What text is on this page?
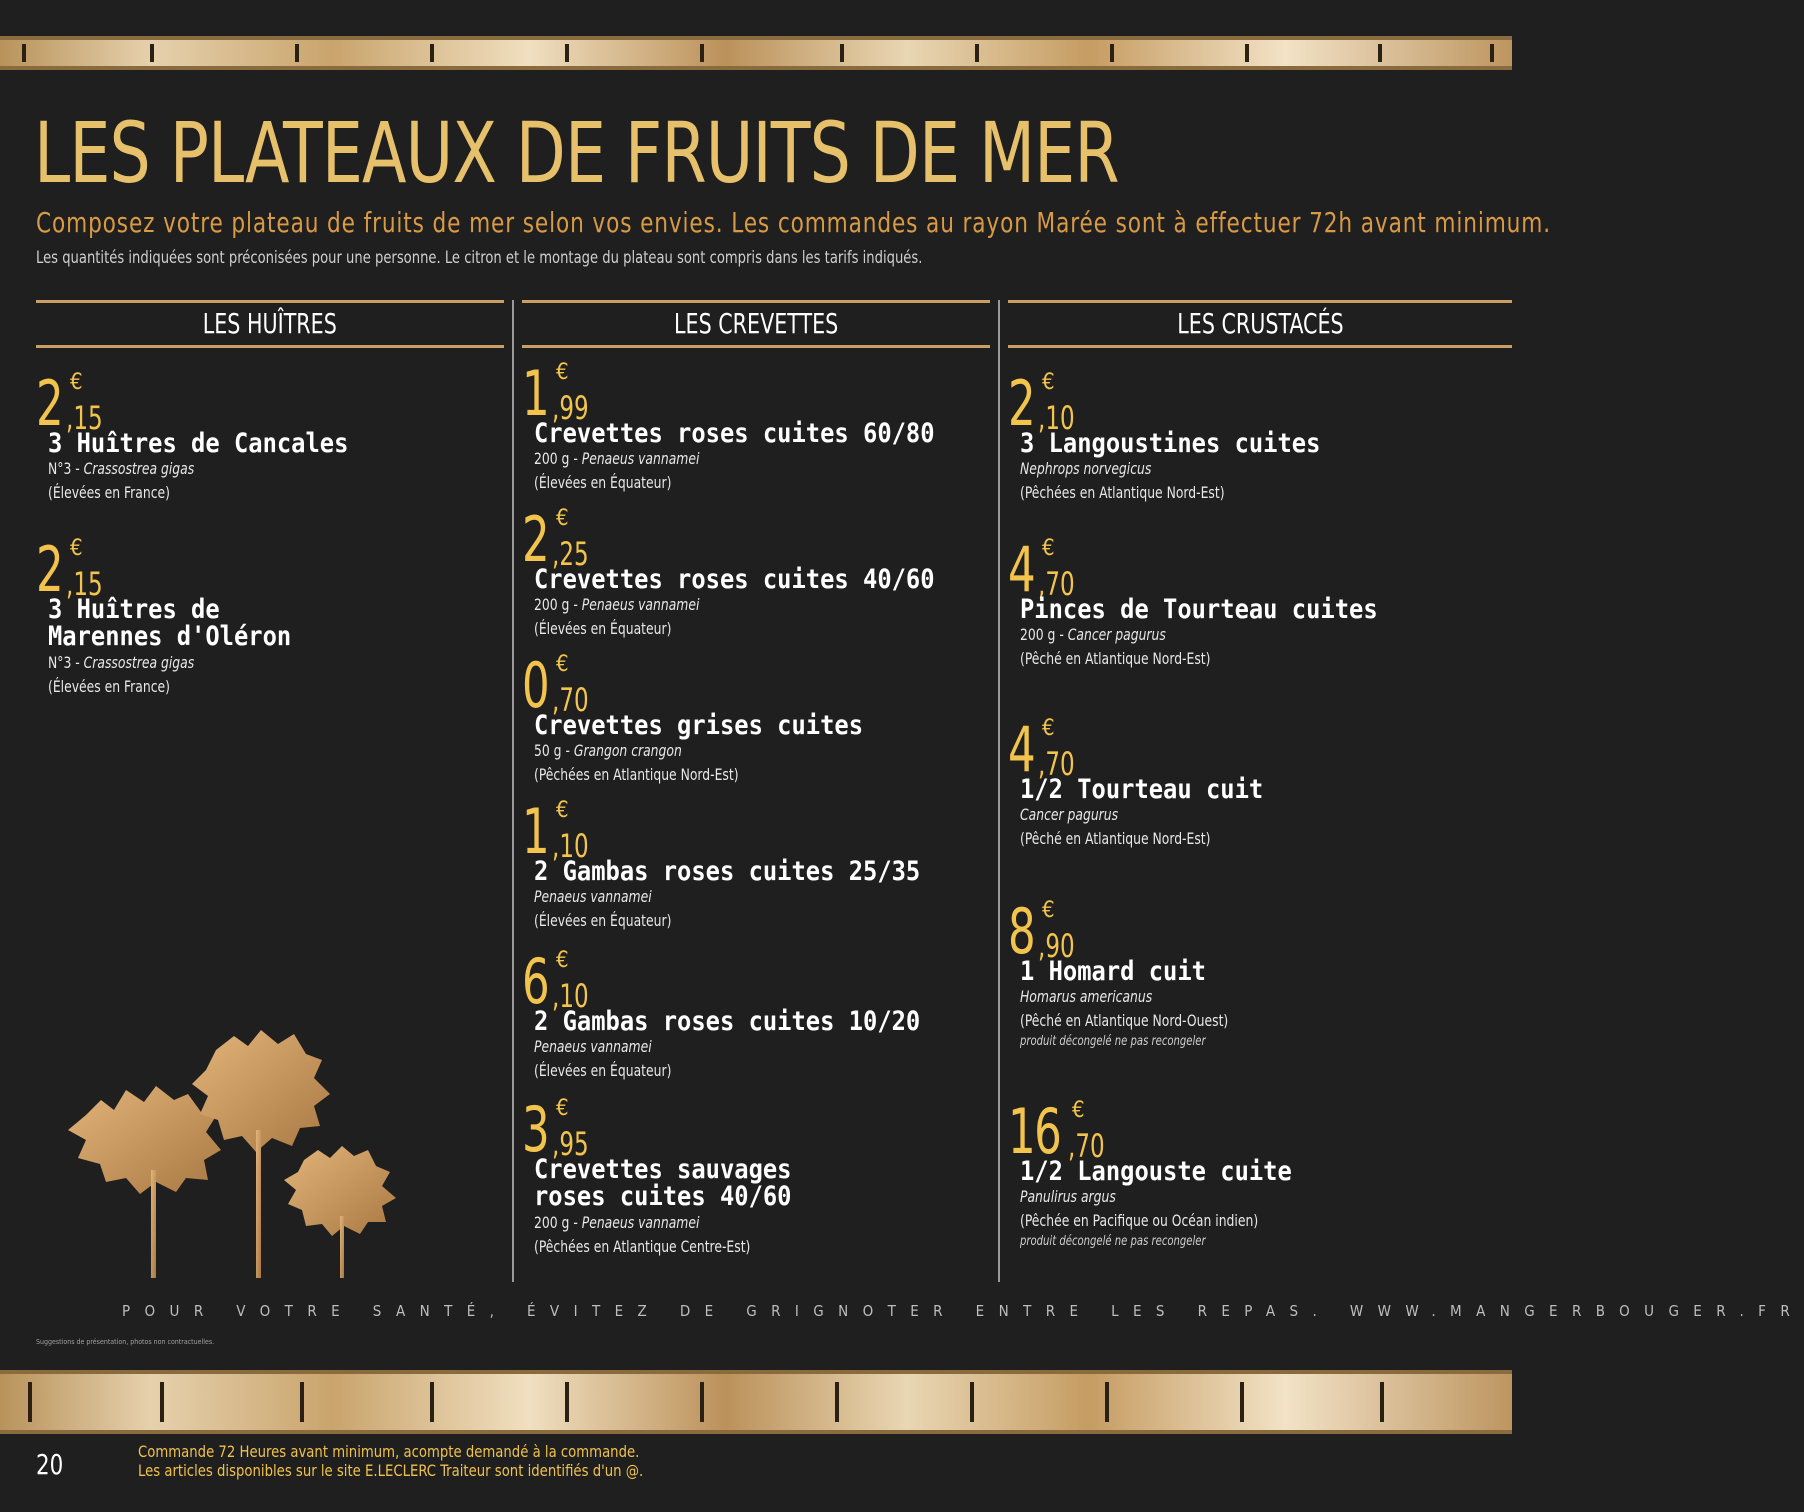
LES PLATEAUX DE FRUITS DE MER
Composez votre plateau de fruits de mer selon vos envies. Les commandes au rayon Marée sont à effectuer 72h avant minimum.
Les quantités indiquées sont préconisées pour une personne. Le citron et le montage du plateau sont compris dans les tarifs indiqués.
LES HUÎTRES	LES CREVETTES	LES CRUSTACÉS
2 €
,15
3 Huîtres de Cancales
N°3 - Crassostrea gigas
(Élevées en France)
2 €
,15
3 Huîtres de
Marennes d'Oléron
N°3 - Crassostrea gigas
(Élevées en France)
1 €
,99
Crevettes roses cuites 60/80
200 g - Penaeus vannamei
(Élevées en Équateur)
2 €
,25
Crevettes roses cuites 40/60
200 g - Penaeus vannamei
(Élevées en Équateur)
0 €
,70
Crevettes grises cuites
50 g - Grangon crangon
(Pêchées en Atlantique Nord-Est)
1 €
,10
2 Gambas roses cuites 25/35
Penaeus vannamei
(Élevées en Équateur)
6 €
,10
2 Gambas roses cuites 10/20
Penaeus vannamei
(Élevées en Équateur)
3 €
,95
Crevettes sauvages
roses cuites 40/60
200 g - Penaeus vannamei
(Pêchées en Atlantique Centre-Est)
2 €
,10
3 Langoustines cuites
Nephrops norvegicus
(Pêchées en Atlantique Nord-Est)
4 €
,70
Pinces de Tourteau cuites
200 g - Cancer pagurus
(Pêché en Atlantique Nord-Est)
4 €
,70
1/2 Tourteau cuit
Cancer pagurus
(Pêché en Atlantique Nord-Est)
8 €
,90
1 Homard cuit
Homarus americanus
(Pêché en Atlantique Nord-Ouest)
produit décongelé ne pas recongeler
16 €
,70
1/2 Langouste cuite
Panulirus argus
(Pêchée en Pacifique ou Océan indien)
produit décongelé ne pas recongeler
POUR VOTRE SANTÉ, ÉVITEZ DE GRIGNOTER ENTRE LES REPAS. WWW.MANGERBOUGER.FR
Suggestions de présentation, photos non contractuelles.
20	Commande 72 Heures avant minimum, acompte demandé à la commande.
Les articles disponibles sur le site E.LECLERC Traiteur sont identifiés d'un @.
